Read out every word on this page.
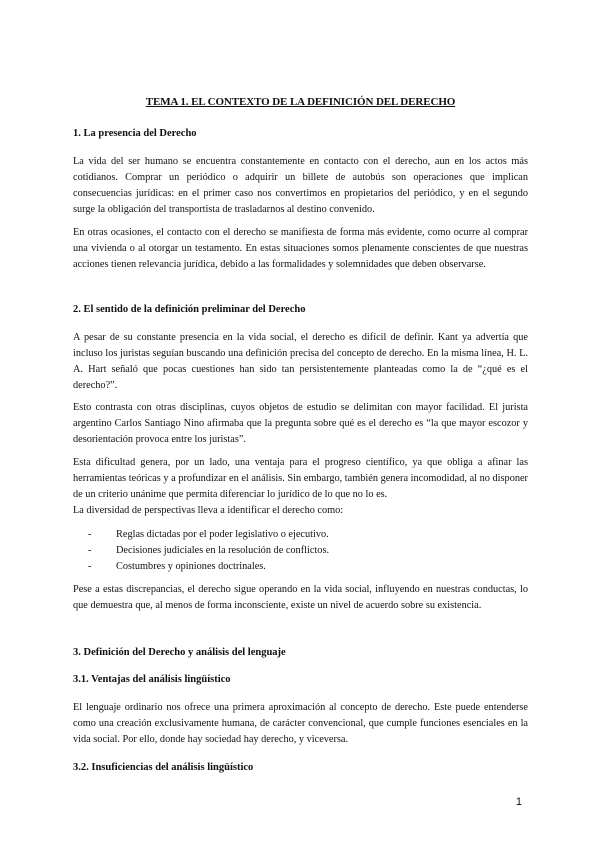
TEMA 1. EL CONTEXTO DE LA DEFINICIÓN DEL DERECHO
1. La presencia del Derecho

La vida del ser humano se encuentra constantemente en contacto con el derecho, aun en los actos más cotidianos. Comprar un periódico o adquirir un billete de autobús son operaciones que implican consecuencias jurídicas: en el primer caso nos convertimos en propietarios del periódico, y en el segundo surge la obligación del transportista de trasladarnos al destino convenido.

En otras ocasiones, el contacto con el derecho se manifiesta de forma más evidente, como ocurre al comprar una vivienda o al otorgar un testamento. En estas situaciones somos plenamente conscientes de que nuestras acciones tienen relevancia jurídica, debido a las formalidades y solemnidades que deben observarse.

2. El sentido de la definición preliminar del Derecho

A pesar de su constante presencia en la vida social, el derecho es difícil de definir. Kant ya advertía que incluso los juristas seguían buscando una definición precisa del concepto de derecho. En la misma línea, H. L. A. Hart señaló que pocas cuestiones han sido tan persistentemente planteadas como la de “¿qué es el derecho?”.

Esto contrasta con otras disciplinas, cuyos objetos de estudio se delimitan con mayor facilidad. El jurista argentino Carlos Santiago Nino afirmaba que la pregunta sobre qué es el derecho es “la que mayor escozor y desorientación provoca entre los juristas”.

Esta dificultad genera, por un lado, una ventaja para el progreso científico, ya que obliga a afinar las herramientas teóricas y a profundizar en el análisis. Sin embargo, también genera incomodidad, al no disponer de un criterio unánime que permita diferenciar lo jurídico de lo que no lo es.

La diversidad de perspectivas lleva a identificar el derecho como:

- Reglas dictadas por el poder legislativo o ejecutivo.
- Decisiones judiciales en la resolución de conflictos.
- Costumbres y opiniones doctrinales.

Pese a estas discrepancias, el derecho sigue operando en la vida social, influyendo en nuestras conductas, lo que demuestra que, al menos de forma inconsciente, existe un nivel de acuerdo sobre su existencia.

3. Definición del Derecho y análisis del lenguaje
3.1. Ventajas del análisis lingüístico

El lenguaje ordinario nos ofrece una primera aproximación al concepto de derecho. Este puede entenderse como una creación exclusivamente humana, de carácter convencional, que cumple funciones esenciales en la vida social. Por ello, donde hay sociedad hay derecho, y viceversa.

3.2. Insuficiencias del análisis lingüístico
1
